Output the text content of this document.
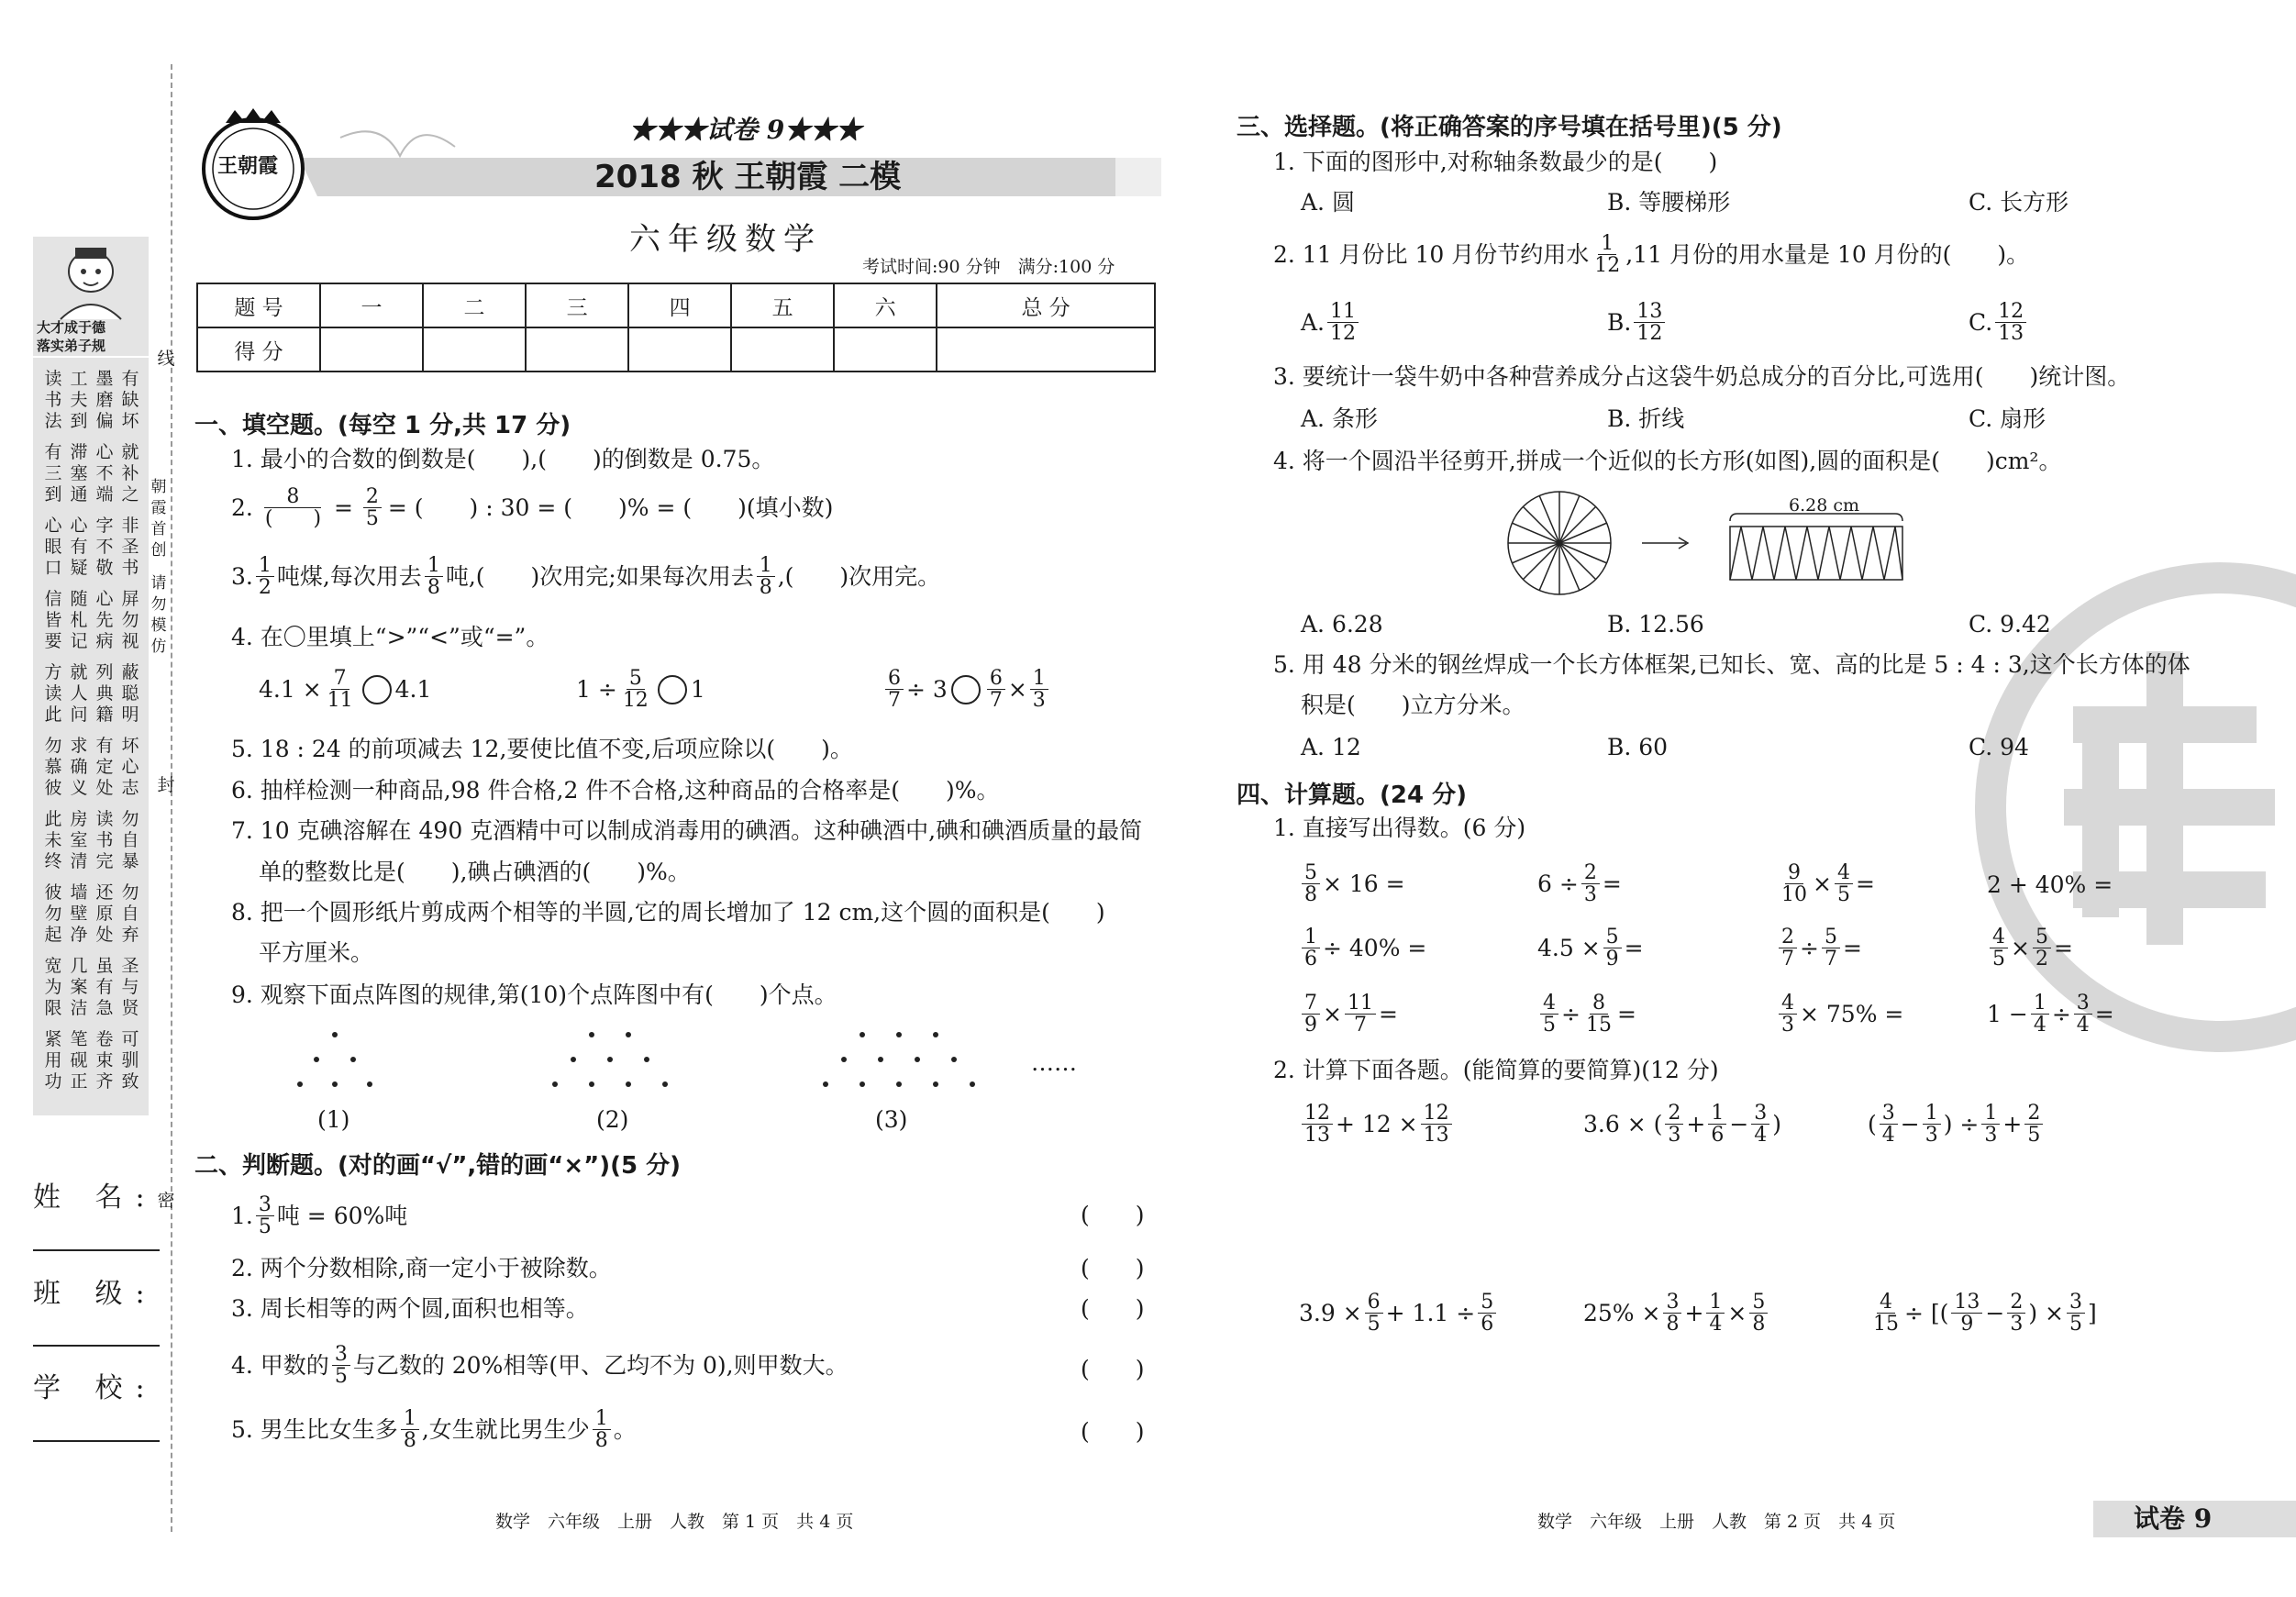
大才成于德
落实弟子规
有缺坏
墨磨偏
工夫到
读书法
就补之
心不端
滞塞通
有三到
非圣书
字不敬
心有疑
心眼口
屏勿视
心先病
随札记
信皆要
蔽聪明
列典籍
就人问
方读此
坏心志
有定处
求确义
勿慕彼
勿自暴
读书完
房室清
此未终
勿自弃
还原处
墙壁净
彼勿起
圣与贤
虽有急
几案洁
宽为限
可驯致
卷束齐
笔砚正
紧用功
线
封
密
朝霞首创
请勿模仿
姓 名:
班 级:
学 校:
王朝霞
★★★试卷 9★★★
2018 秋 王朝霞 二模
六年级数学
考试时间:90 分钟　满分:100 分
题 号	一	二	三	四	五	六	总 分
得 分							
一、填空题。(每空 1 分,共 17 分)
1. 最小的合数的倒数是(　　),(　　)的倒数是 0.75。
2. $\frac{8}{( )} = \frac{2}{5}$ = (　　) : 30 = (　　)% = (　　)(填小数)
3. $\frac{1}{2}$ 吨煤,每次用去 $\frac{1}{8}$ 吨,(　　)次用完;如果每次用去 $\frac{1}{8}$ ,(　　)次用完。
4. 在〇里填上“>”“<”或“=”。
$4.1 \times \frac{7}{11} 4.1$	$1 \div \frac{5}{12} 1$	$\frac{6}{7} \div 3 \frac{6}{7} \times \frac{1}{3}$
5. 18 : 24 的前项减去 12,要使比值不变,后项应除以(　　)。
6. 抽样检测一种商品,98 件合格,2 件不合格,这种商品的合格率是(　　)%。
7. 10 克碘溶解在 490 克酒精中可以制成消毒用的碘酒。这种碘酒中,碘和碘酒质量的最简
单的整数比是(　　),碘占碘酒的(　　)%。
8. 把一个圆形纸片剪成两个相等的半圆,它的周长增加了 12 cm,这个圆的面积是(　　)
平方厘米。
9. 观察下面点阵图的规律,第(10)个点阵图中有(　　)个点。
……
(1)	(2)	(3)
二、判断题。(对的画“√”,错的画“×”)(5 分)
1. $\frac{3}{5}$ 吨 = 60%吨
2. 两个分数相除,商一定小于被除数。
3. 周长相等的两个圆,面积也相等。
4. 甲数的 $\frac{3}{5}$ 与乙数的 20%相等(甲、乙均不为 0),则甲数大。
5. 男生比女生多 $\frac{1}{8}$ ,女生就比男生少 $\frac{1}{8}$ 。
(　　)
(　　)
(　　)
(　　)
(　　)
数学　六年级　上册　人教　第 1 页　共 4 页
三、选择题。(将正确答案的序号填在括号里)(5 分)
1. 下面的图形中,对称轴条数最少的是(　　)
A. 圆	B. 等腰梯形	C. 长方形
2. 11 月份比 10 月份节约用水 $\frac{1}{12} ,11$ 月份的用水量是 10 月份的(　　)。
A. $\frac{11}{12}$	B. $\frac{13}{12}$	C. $\frac{12}{13}$
3. 要统计一袋牛奶中各种营养成分占这袋牛奶总成分的百分比,可选用(　　)统计图。
A. 条形	B. 折线	C. 扇形
4. 将一个圆沿半径剪开,拼成一个近似的长方形(如图),圆的面积是(　　)cm²。
6.28 cm
A. 6.28	B. 12.56	C. 9.42
5. 用 48 分米的钢丝焊成一个长方体框架,已知长、宽、高的比是 5 : 4 : 3,这个长方体的体
积是(　　)立方分米。
A. 12	B. 60	C. 94
四、计算题。(24 分)
1. 直接写出得数。(6 分)
$\frac{5}{8} \times 16$ =	$6 \div \frac{2}{3}$ =	$\frac{9}{10} \times \frac{4}{5}$ =	2 + 40% =
$\frac{1}{6} \div 40\%$ =	$4.5 \times \frac{5}{9}$ =	$\frac{2}{7} \div \frac{5}{7}$ =	$\frac{4}{5} \times \frac{5}{2}$ =
$\frac{7}{9} \times \frac{11}{7}$ =	$\frac{4}{5} \div \frac{8}{15}$ =	$\frac{4}{3} \times 75\%$ =	$1 - \frac{1}{4} \div \frac{3}{4}$ =
2. 计算下面各题。(能简算的要简算)(12 分)
$\frac{12}{13} + 12 \times \frac{12}{13}$	3.6 × ( $\frac{2}{3} + \frac{1}{6} - \frac{3}{4}$ )	( $\frac{3}{4} - \frac{1}{3}$ ) ÷ $\frac{1}{3} + \frac{2}{5}$
$3.9 \times \frac{6}{5} + 1.1 \div \frac{5}{6}$	$25\% \times \frac{3}{8} + \frac{1}{4} \times \frac{5}{8}$	$\frac{4}{15}$ ÷ [( $\frac{13}{9} - \frac{2}{3}$ ) × $\frac{3}{5}$ ]
数学　六年级　上册　人教　第 2 页　共 4 页	试卷 9
